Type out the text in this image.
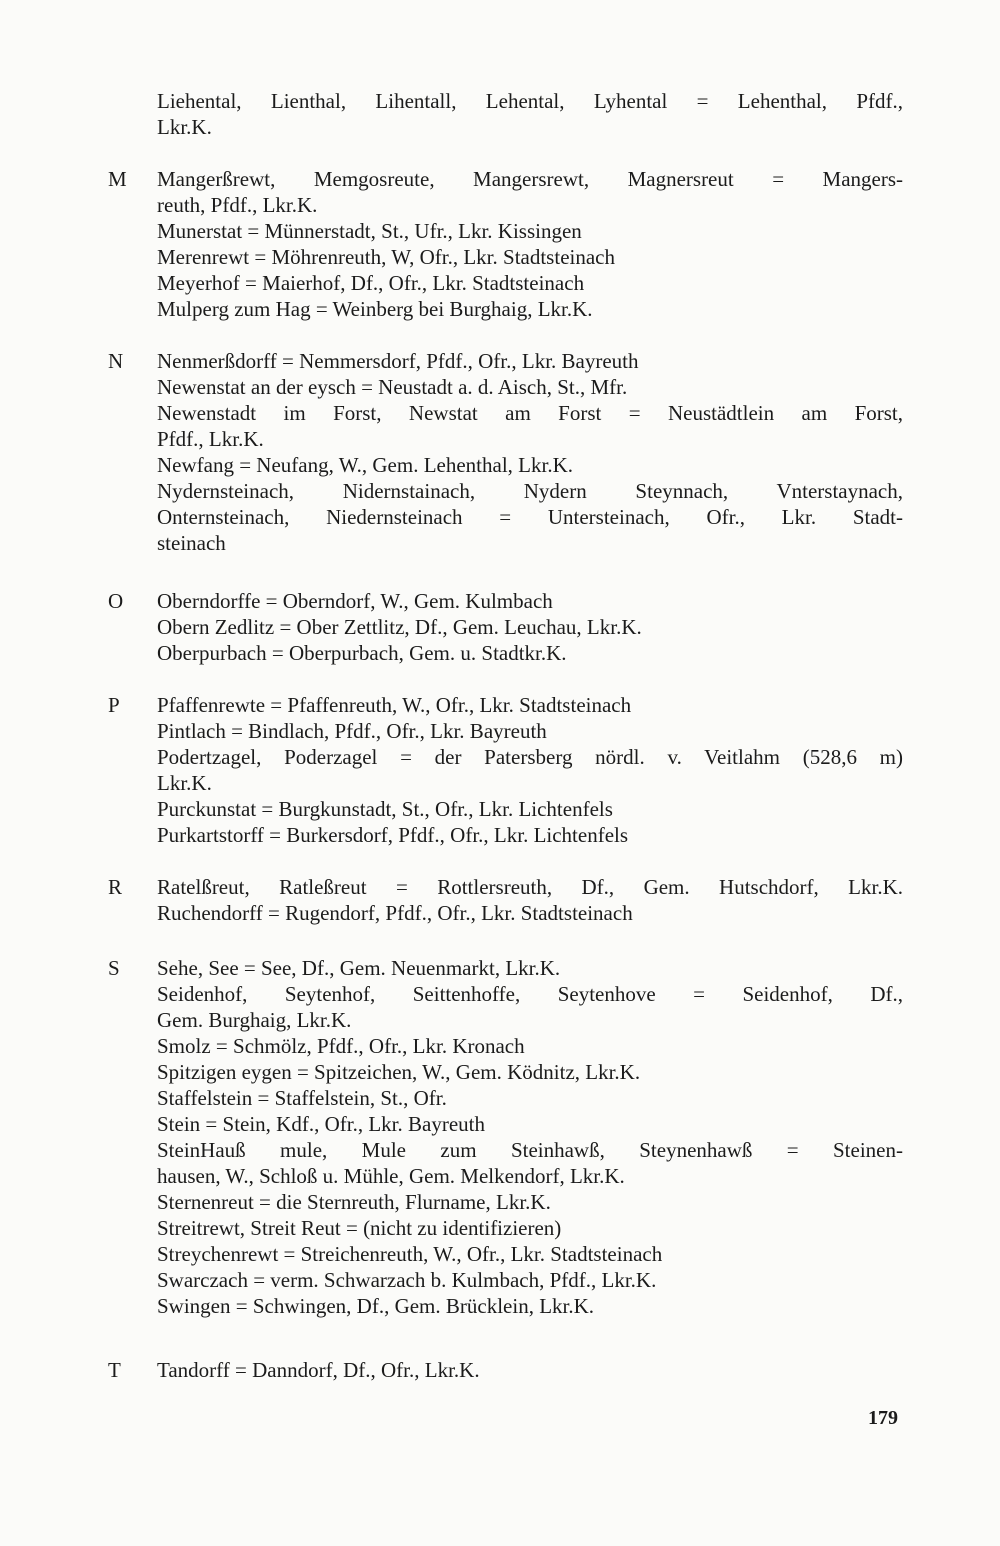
Liehental, Lienthal, Lihentall, Lehental, Lyhental = Lehenthal, Pfdf.,
Lkr.K.
M Mangerßrewt, Memgosreute, Mangersrewt, Magnersreut = Mangers-
reuth, Pfdf., Lkr.K.
Munerstat = Münnerstadt, St., Ufr., Lkr. Kissingen
Merenrewt = Möhrenreuth, W, Ofr., Lkr. Stadtsteinach
Meyerhof = Maierhof, Df., Ofr., Lkr. Stadtsteinach
Mulperg zum Hag = Weinberg bei Burghaig, Lkr.K.
N Nenmerßdorff = Nemmersdorf, Pfdf., Ofr., Lkr. Bayreuth
Newenstat an der eysch = Neustadt a. d. Aisch, St., Mfr.
Newenstadt im Forst, Newstat am Forst = Neustädtlein am Forst,
Pfdf., Lkr.K.
Newfang = Neufang, W., Gem. Lehenthal, Lkr.K.
Nydernsteinach, Nidernstainach, Nydern Steynnach, Vnterstaynach,
Onternsteinach, Niedernsteinach = Untersteinach, Ofr., Lkr. Stadt-
steinach
O Oberndorffe = Oberndorf, W., Gem. Kulmbach
Obern Zedlitz = Ober Zettlitz, Df., Gem. Leuchau, Lkr.K.
Oberpurbach = Oberpurbach, Gem. u. Stadtkr.K.
P Pfaffenrewte = Pfaffenreuth, W., Ofr., Lkr. Stadtsteinach
Pintlach = Bindlach, Pfdf., Ofr., Lkr. Bayreuth
Podertzagel, Poderzagel = der Patersberg nördl. v. Veitlahm (528,6 m)
Lkr.K.
Purckunstat = Burgkunstadt, St., Ofr., Lkr. Lichtenfels
Purkartstorff = Burkersdorf, Pfdf., Ofr., Lkr. Lichtenfels
R Ratelßreut, Ratleßreut = Rottlersreuth, Df., Gem. Hutschdorf, Lkr.K.
Ruchendorff = Rugendorf, Pfdf., Ofr., Lkr. Stadtsteinach
S Sehe, See = See, Df., Gem. Neuenmarkt, Lkr.K.
Seidenhof, Seytenhof, Seittenhoffe, Seytenhove = Seidenhof, Df.,
Gem. Burghaig, Lkr.K.
Smolz = Schmölz, Pfdf., Ofr., Lkr. Kronach
Spitzigen eygen = Spitzeichen, W., Gem. Ködnitz, Lkr.K.
Staffelstein = Staffelstein, St., Ofr.
Stein = Stein, Kdf., Ofr., Lkr. Bayreuth
SteinHauß mule, Mule zum Steinhawß, Steynenhawß = Steinen-
hausen, W., Schloß u. Mühle, Gem. Melkendorf, Lkr.K.
Sternenreut = die Sternreuth, Flurname, Lkr.K.
Streitrewt, Streit Reut = (nicht zu identifizieren)
Streychenrewt = Streichenreuth, W., Ofr., Lkr. Stadtsteinach
Swarczach = verm. Schwarzach b. Kulmbach, Pfdf., Lkr.K.
Swingen = Schwingen, Df., Gem. Brücklein, Lkr.K.
T Tandorff = Danndorf, Df., Ofr., Lkr.K.
179
